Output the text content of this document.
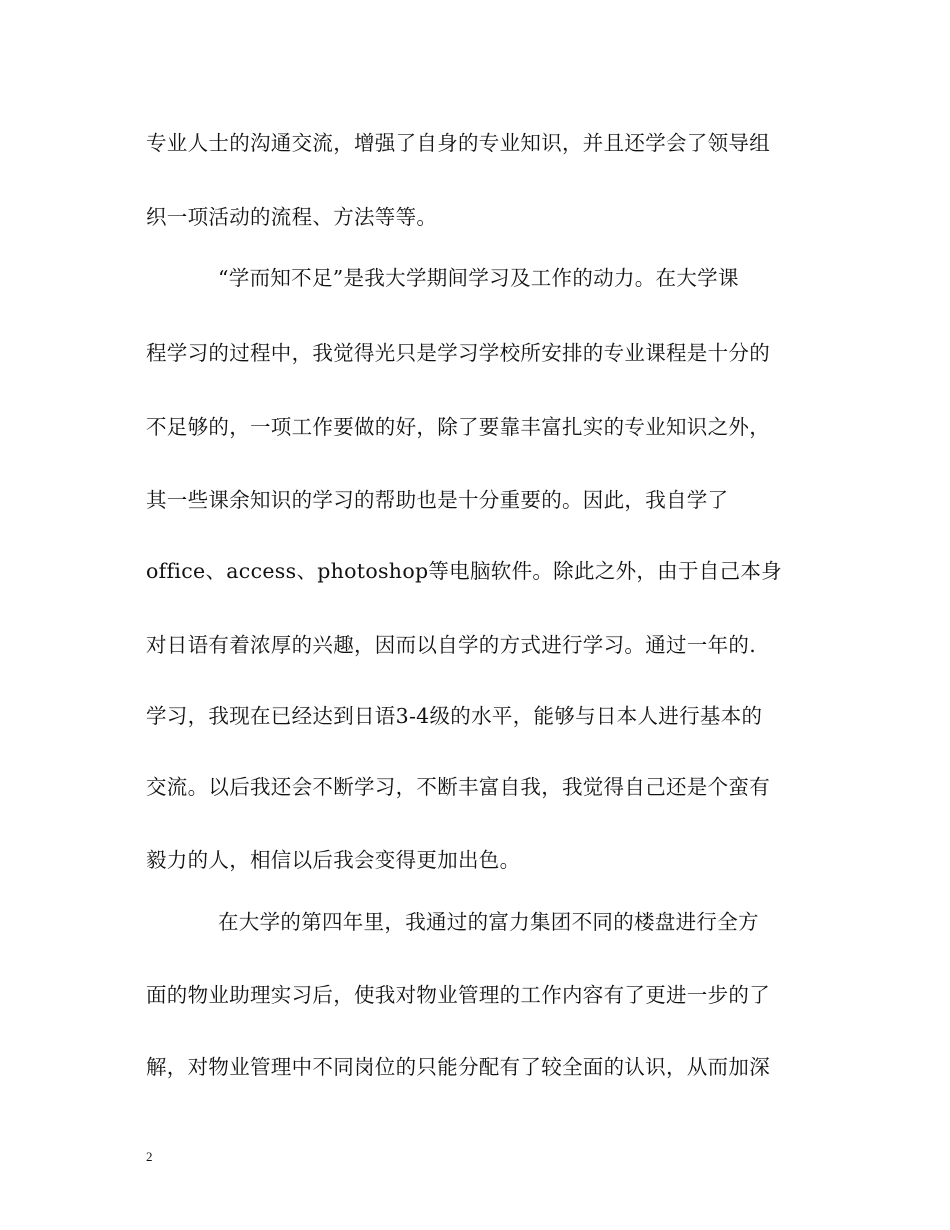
专业人士的沟通交流，增强了自身的专业知识，并且还学会了领导组
织一项活动的流程、方法等等。
“学而知不足”是我大学期间学习及工作的动力。在大学课
程学习的过程中，我觉得光只是学习学校所安排的专业课程是十分的
不足够的，一项工作要做的好，除了要靠丰富扎实的专业知识之外，
其一些课余知识的学习的帮助也是十分重要的。因此，我自学了
office、access、photoshop等电脑软件。除此之外，由于自己本身
对日语有着浓厚的兴趣，因而以自学的方式进行学习。通过一年的.
学习，我现在已经达到日语3-4级的水平，能够与日本人进行基本的
交流。以后我还会不断学习，不断丰富自我，我觉得自己还是个蛮有
毅力的人，相信以后我会变得更加出色。
在大学的第四年里，我通过的富力集团不同的楼盘进行全方
面的物业助理实习后，使我对物业管理的工作内容有了更进一步的了
解，对物业管理中不同岗位的只能分配有了较全面的认识，从而加深
2
